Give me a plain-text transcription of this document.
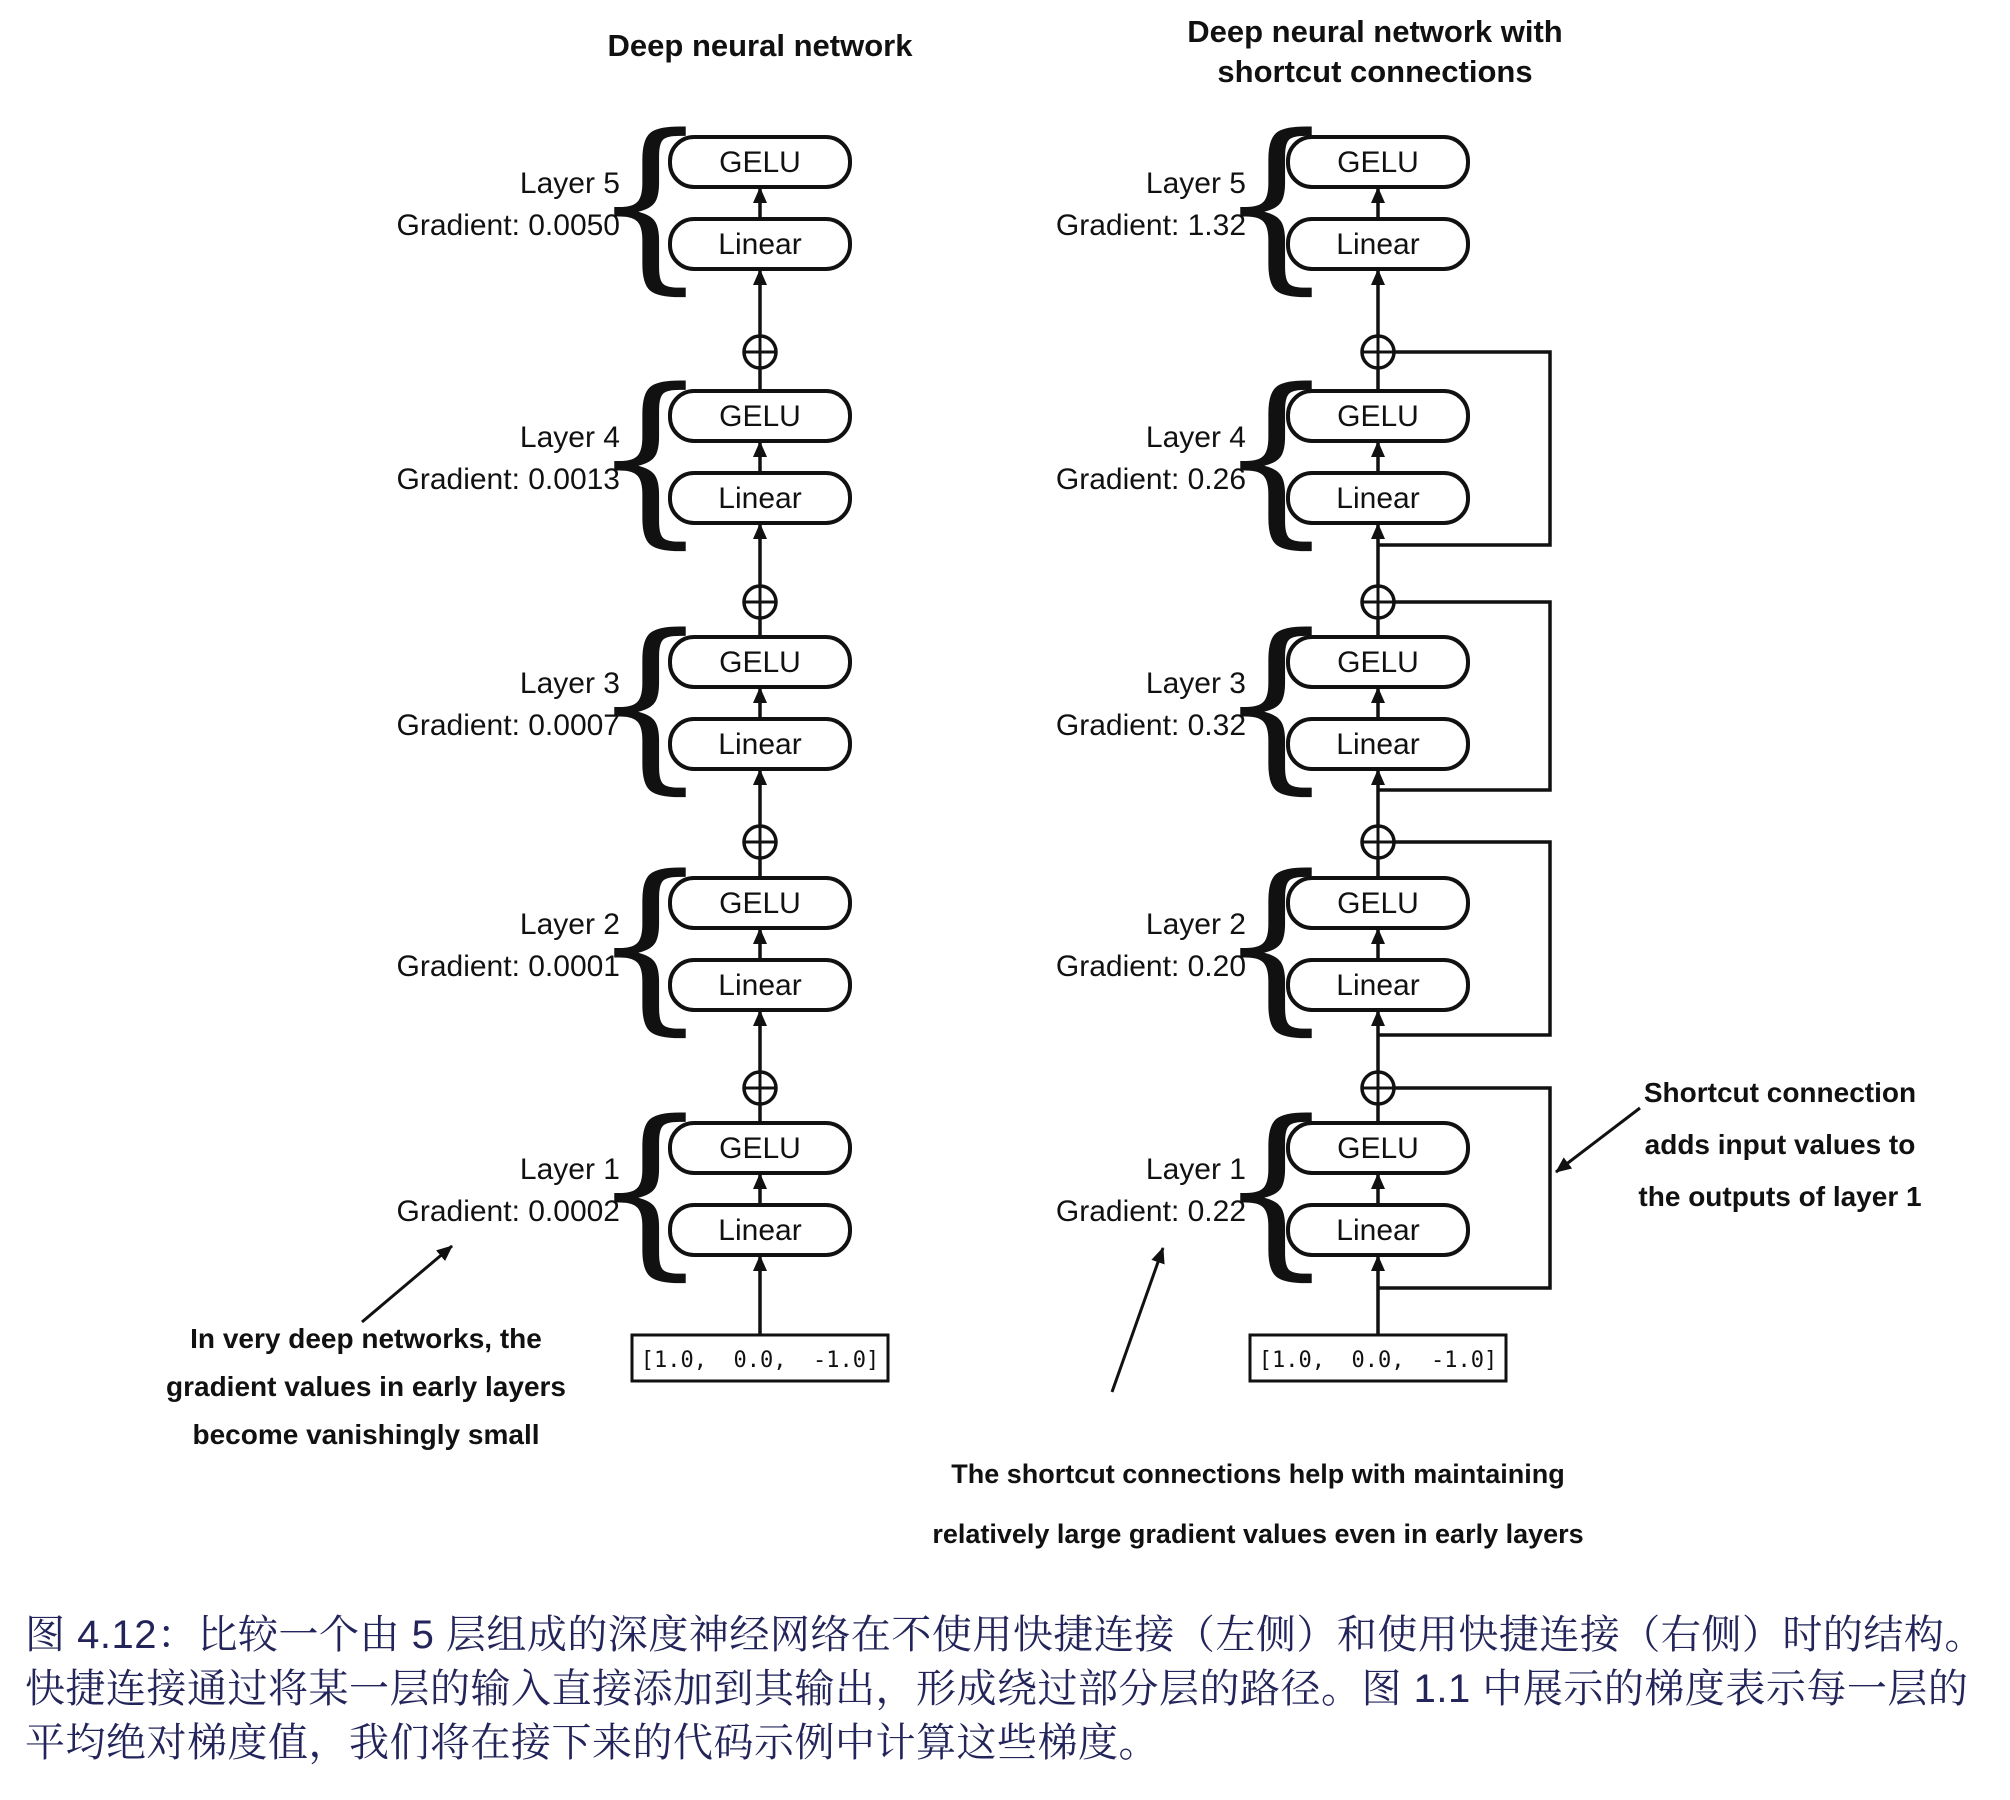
Deep neural network
GELU
Linear
Layer 1
Gradient: 0.0002
{
GELU
Linear
Layer 2
Gradient: 0.0001
{
GELU
Linear
Layer 3
Gradient: 0.0007
{
GELU
Linear
Layer 4
Gradient: 0.0013
{
GELU
Linear
Layer 5
Gradient: 0.0050
{
[1.0,  0.0,  -1.0]
Deep neural network with
shortcut connections
GELU
Linear
Layer 1
Gradient: 0.22
{
GELU
Linear
Layer 2
Gradient: 0.20
{
GELU
Linear
Layer 3
Gradient: 0.32
{
GELU
Linear
Layer 4
Gradient: 0.26
{
GELU
Linear
Layer 5
Gradient: 1.32
{
[1.0,  0.0,  -1.0]
In very deep networks, the
gradient values in early layers
become vanishingly small
Shortcut connection
adds input values to
the outputs of layer 1
The shortcut connections help with maintaining
relatively large gradient values even in early layers
图 4.12：比较一个由 5 层组成的深度神经网络在不使用快捷连接（左侧）和使用快捷连接（右侧）时的结构。
快捷连接通过将某一层的输入直接添加到其输出，形成绕过部分层的路径。图 1.1 中展示的梯度表示每一层的
平均绝对梯度值，我们将在接下来的代码示例中计算这些梯度。
